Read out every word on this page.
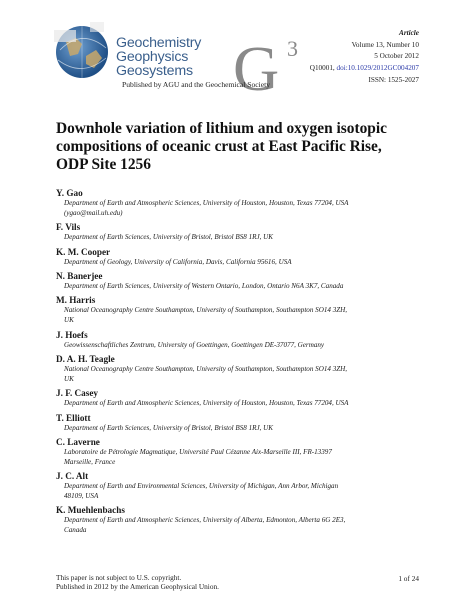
Geochemistry
Geophysics
Geosystems G 3
Published by AGU and the Geochemical Society
Article
Volume 13, Number 10
5 October 2012
Q10001, doi:10.1029/2012GC004207
ISSN: 1525-2027
Downhole variation of lithium and oxygen isotopic compositions of oceanic crust at East Pacific Rise, ODP Site 1256
Y. Gao
Department of Earth and Atmospheric Sciences, University of Houston, Houston, Texas 77204, USA
(ygao@mail.uh.edu)
F. Vils
Department of Earth Sciences, University of Bristol, Bristol BS8 1RJ, UK
K. M. Cooper
Department of Geology, University of California, Davis, California 95616, USA
N. Banerjee
Department of Earth Sciences, University of Western Ontario, London, Ontario N6A 3K7, Canada
M. Harris
National Oceanography Centre Southampton, University of Southampton, Southampton SO14 3ZH,
UK
J. Hoefs
Geowissenschaftliches Zentrum, University of Goettingen, Goettingen DE-37077, Germany
D. A. H. Teagle
National Oceanography Centre Southampton, University of Southampton, Southampton SO14 3ZH,
UK
J. F. Casey
Department of Earth and Atmospheric Sciences, University of Houston, Houston, Texas 77204, USA
T. Elliott
Department of Earth Sciences, University of Bristol, Bristol BS8 1RJ, UK
C. Laverne
Laboratoire de Pétrologie Magmatique, Université Paul Cézanne Aix-Marseille III, FR-13397
Marseille, France
J. C. Alt
Department of Earth and Environmental Sciences, University of Michigan, Ann Arbor, Michigan
48109, USA
K. Muehlenbachs
Department of Earth and Atmospheric Sciences, University of Alberta, Edmonton, Alberta 6G 2E3,
Canada
This paper is not subject to U.S. copyright.
Published in 2012 by the American Geophysical Union.
1 of 24
